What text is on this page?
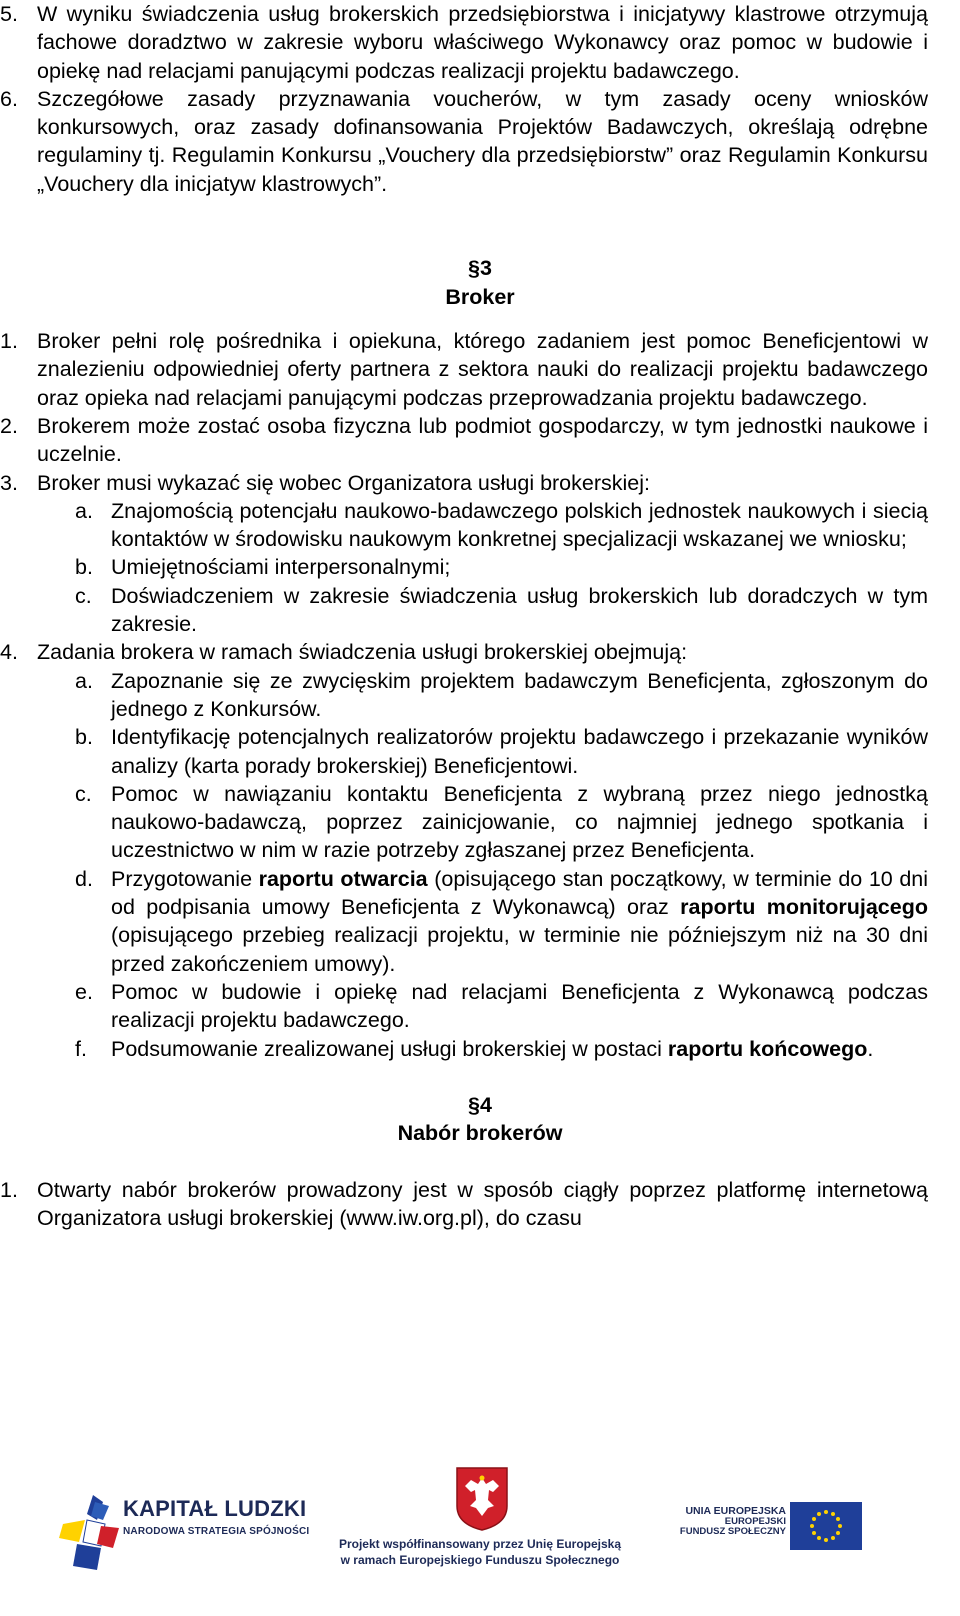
5. W wyniku świadczenia usług brokerskich przedsiębiorstwa i inicjatywy klastrowe otrzymują fachowe doradztwo w zakresie wyboru właściwego Wykonawcy oraz pomoc w budowie i opiekę nad relacjami panującymi podczas realizacji projektu badawczego.
6. Szczegółowe zasady przyznawania voucherów, w tym zasady oceny wniosków konkursowych, oraz zasady dofinansowania Projektów Badawczych, określają odrębne regulaminy tj. Regulamin Konkursu „Vouchery dla przedsiębiorstw” oraz Regulamin Konkursu „Vouchery dla inicjatyw klastrowych”.
§3
Broker
1. Broker pełni rolę pośrednika i opiekuna, którego zadaniem jest pomoc Beneficjentowi w znalezieniu odpowiedniej oferty partnera z sektora nauki do realizacji projektu badawczego oraz opieka nad relacjami panującymi podczas przeprowadzania projektu badawczego.
2. Brokerem może zostać osoba fizyczna lub podmiot gospodarczy, w tym jednostki naukowe i uczelnie.
3. Broker musi wykazać się wobec Organizatora usługi brokerskiej:
a. Znajomością potencjału naukowo-badawczego polskich jednostek naukowych i siecią kontaktów w środowisku naukowym konkretnej specjalizacji wskazanej we wniosku;
b. Umiejętnościami interpersonalnymi;
c. Doświadczeniem w zakresie świadczenia usług brokerskich lub doradczych w tym zakresie.
4. Zadania brokera w ramach świadczenia usługi brokerskiej obejmują:
a. Zapoznanie się ze zwycięskim projektem badawczym Beneficjenta, zgłoszonym do jednego z Konkursów.
b. Identyfikację potencjalnych realizatorów projektu badawczego i przekazanie wyników analizy (karta porady brokerskiej) Beneficjentowi.
c. Pomoc w nawiązaniu kontaktu Beneficjenta z wybraną przez niego jednostką naukowo-badawczą, poprzez zainicjowanie, co najmniej jednego spotkania i uczestnictwo w nim w razie potrzeby zgłaszanej przez Beneficjenta.
d. Przygotowanie raportu otwarcia (opisującego stan początkowy, w terminie do 10 dni od podpisania umowy Beneficjenta z Wykonawcą) oraz raportu monitorującego (opisującego przebieg realizacji projektu, w terminie nie późniejszym niż na 30 dni przed zakończeniem umowy).
e. Pomoc w budowie i opiekę nad relacjami Beneficjenta z Wykonawcą podczas realizacji projektu badawczego.
f. Podsumowanie zrealizowanej usługi brokerskiej w postaci raportu końcowego.
§4
Nabór brokerów
1. Otwarty nabór brokerów prowadzony jest w sposób ciągły poprzez platformę internetową Organizatora usługi brokerskiej (www.iw.org.pl), do czasu
KAPITAŁ LUDZKI
NARODOWA STRATEGIA SPÓJNOŚCI
Projekt współfinansowany przez Unię Europejską
w ramach Europejskiego Funduszu Społecznego
UNIA EUROPEJSKA
EUROPEJSKI
FUNDUSZ SPOŁECZNY
